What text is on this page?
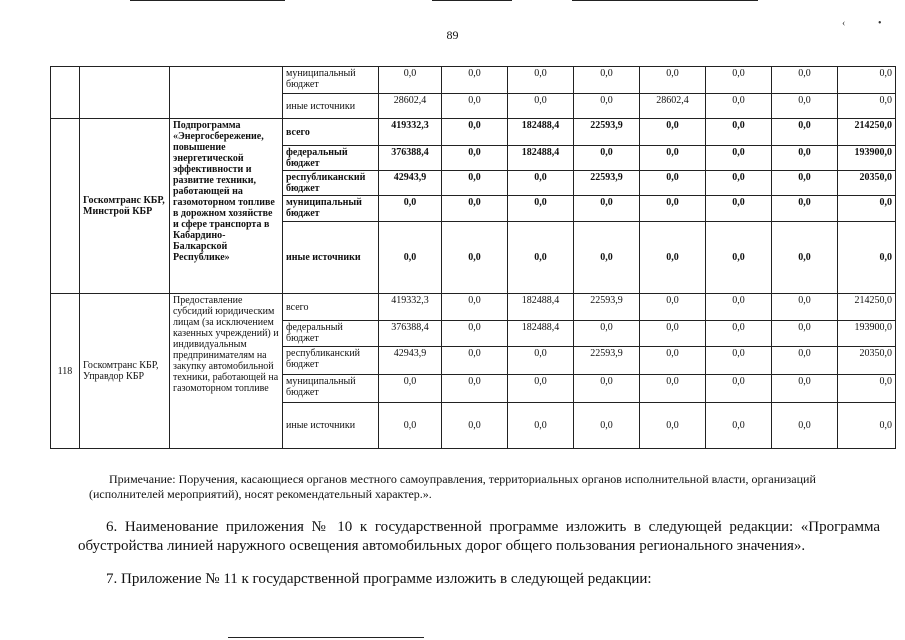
89
‹	•
			муниципальный бюджет	0,0	0,0	0,0	0,0	0,0	0,0	0,0	0,0
			иные источники	28602,4	0,0	0,0	0,0	28602,4	0,0	0,0	0,0
	Госкомтранс КБР, Минстрой КБР	Подпрограмма «Энергосбережение, повышение энергетической эффективности и развитие техники, работающей на газомоторном топливе в дорожном хозяйстве и сфере транспорта в Кабардино-Балкарской Республике»	всего	419332,3	0,0	182488,4	22593,9	0,0	0,0	0,0	214250,0
			федеральный бюджет	376388,4	0,0	182488,4	0,0	0,0	0,0	0,0	193900,0
			республиканский бюджет	42943,9	0,0	0,0	22593,9	0,0	0,0	0,0	20350,0
			муниципальный бюджет	0,0	0,0	0,0	0,0	0,0	0,0	0,0	0,0
			иные источники	0,0	0,0	0,0	0,0	0,0	0,0	0,0	0,0
118	Госкомтранс КБР, Управдор КБР	Предоставление субсидий юридическим лицам (за исключением казенных учреждений) и индивидуальным предпринимателям на закупку автомобильной техники, работающей на газомоторном топливе	всего	419332,3	0,0	182488,4	22593,9	0,0	0,0	0,0	214250,0
			федеральный бюджет	376388,4	0,0	182488,4	0,0	0,0	0,0	0,0	193900,0
			республиканский бюджет	42943,9	0,0	0,0	22593,9	0,0	0,0	0,0	20350,0
			муниципальный бюджет	0,0	0,0	0,0	0,0	0,0	0,0	0,0	0,0
			иные источники	0,0	0,0	0,0	0,0	0,0	0,0	0,0	0,0
Примечание: Поручения, касающиеся органов местного самоуправления, территориальных органов исполнительной власти, организаций
(исполнителей мероприятий), носят рекомендательный характер.».
6. Наименование приложения № 10 к государственной программе изложить в следующей редакции: «Программа обустройства линией наружного освещения автомобильных дорог общего пользования регионального значения».
7. Приложение № 11 к государственной программе изложить в следующей редакции:
